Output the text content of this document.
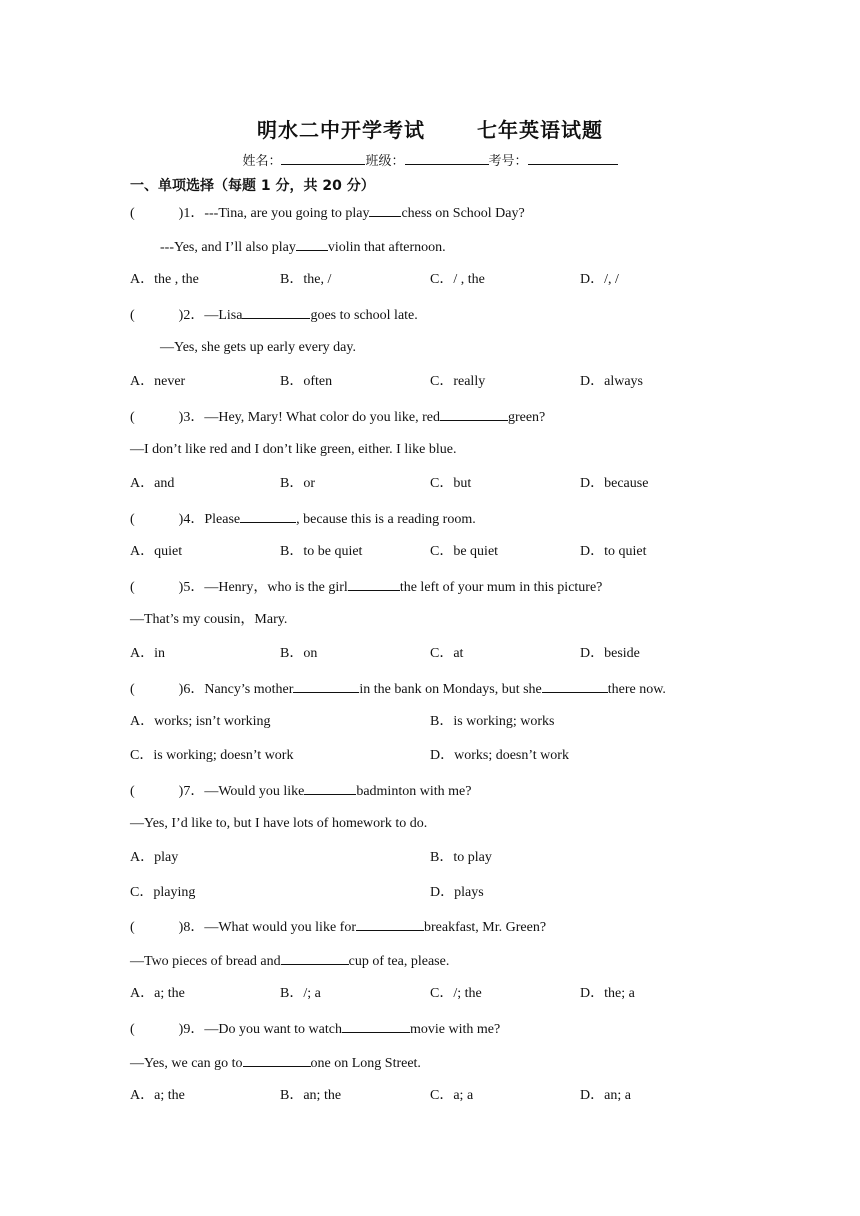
明水二中开学考试	七年英语试题
姓名：	班级：	考号：
一、单项选择（每题 1 分，共 20 分）
(	)1．---Tina, are you going to play chess on School Day?
---Yes, and I’ll also play violin that afternoon.
A．the , the	B．the, /	C．/ , the	D．/, /
(	)2．—Lisa	goes to school late.
—Yes, she gets up early every day.
A．never	B．often	C．really	D．always
(	)3．—Hey, Mary! What color do you like, red	green?
—I don’t like red and I don’t like green, either. I like blue.
A．and	B．or	C．but	D．because
(	)4．Please	, because this is a reading room.
A．quiet	B．to be quiet	C．be quiet	D．to quiet
(	)5．—Henry，who is the girl	the left of your mum in this picture?
—That’s my cousin，Mary.
A．in	B．on	C．at	D．beside
(	)6．Nancy’s mother	in the bank on Mondays, but she	there now.
A．works; isn’t working	B．is working; works
C．is working; doesn’t work	D．works; doesn’t work
(	)7．—Would you like	badminton with me?
—Yes, I’d like to, but I have lots of homework to do.
A．play	B．to play
C．playing	D．plays
(	)8．—What would you like for	breakfast, Mr. Green?
—Two pieces of bread and	cup of tea, please.
A．a; the	B．/; a	C．/; the	D．the; a
(	)9．—Do you want to watch	movie with me?
—Yes, we can go to	one on Long Street.
A．a; the	B．an; the	C．a; a	D．an; a
